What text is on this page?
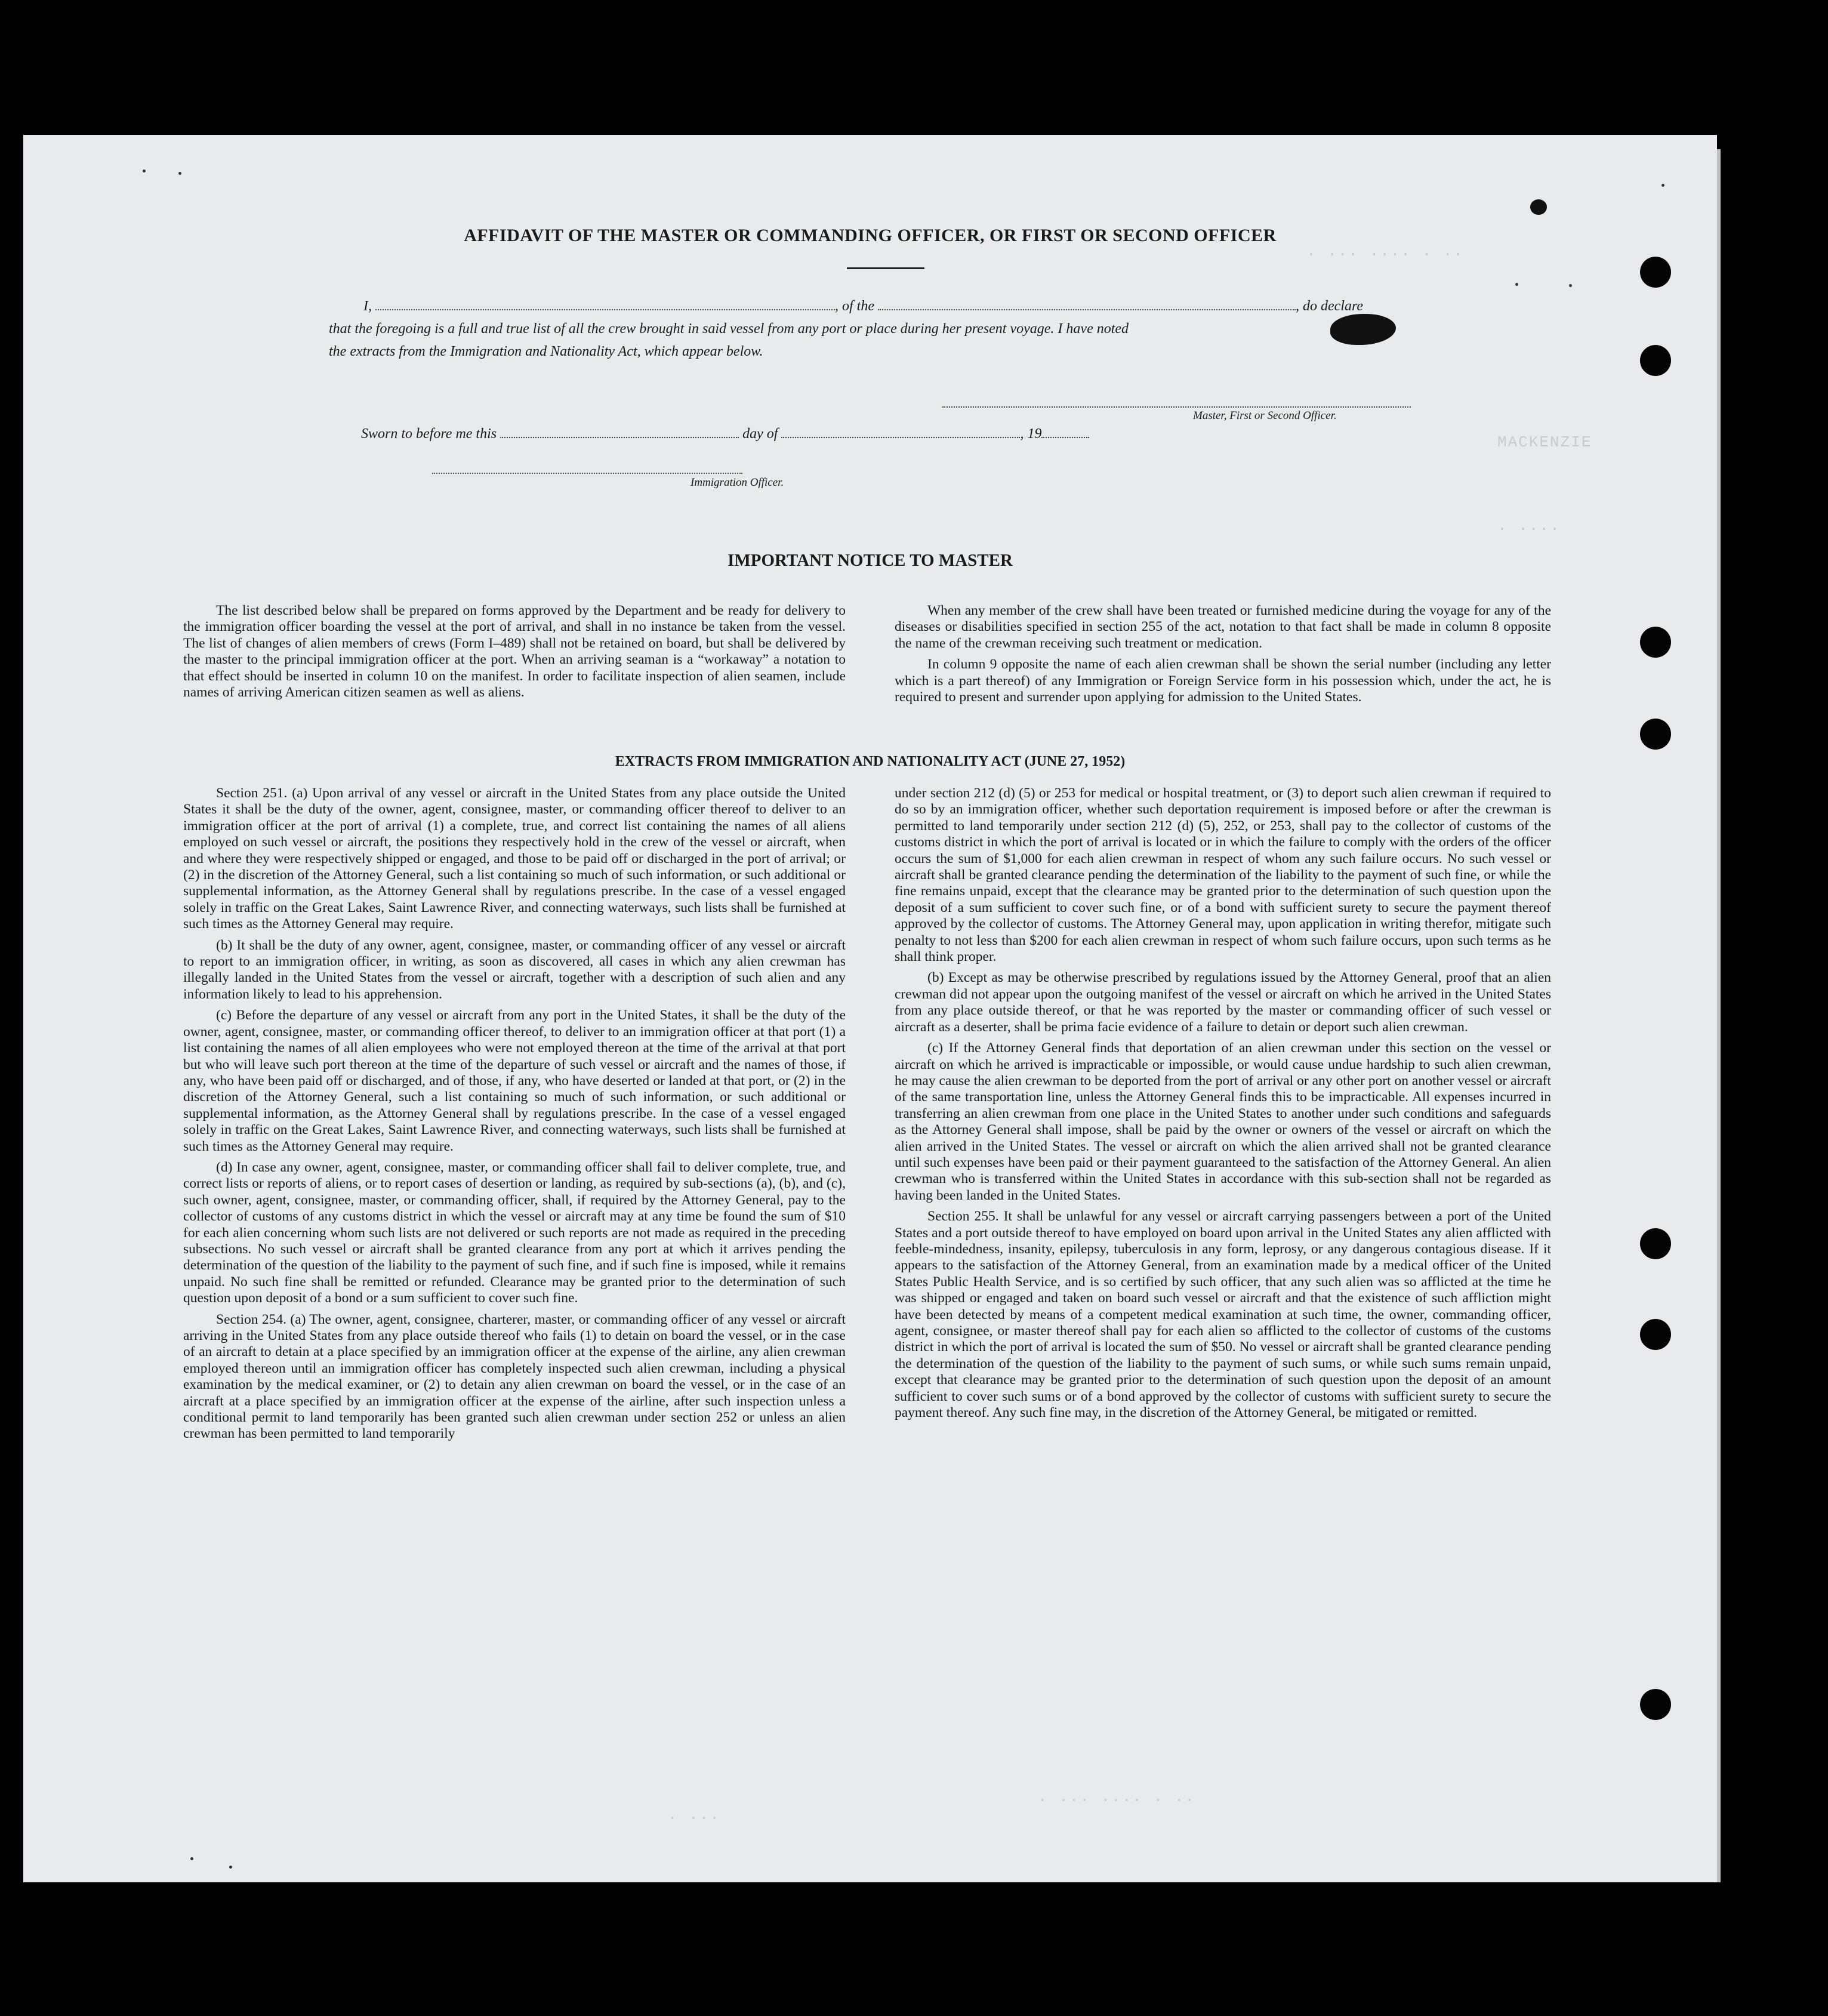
. ... .... . ..
MACKENZIE
. ....
. ...
. ... .... . ..
AFFIDAVIT OF THE MASTER OR COMMANDING OFFICER, OR FIRST OR SECOND OFFICER
I,	, of the	, do declare
that the foregoing is a full and true list of all the crew brought in said vessel from any port or place during her present voyage. I have noted
the extracts from the Immigration and Nationality Act, which appear below.
Master, First or Second Officer.
Sworn to before me this	day of	, 19
Immigration Officer.
IMPORTANT NOTICE TO MASTER

The list described below shall be prepared on forms approved by the Department and be ready for delivery to the immigration officer boarding the vessel at the port of arrival, and shall in no instance be taken from the vessel. The list of changes of alien members of crews (Form I–489) shall not be retained on board, but shall be delivered by the master to the principal immigration officer at the port. When an arriving seaman is a “workaway” a notation to that effect should be inserted in column 10 on the manifest. In order to facilitate inspection of alien seamen, include names of arriving American citizen seamen as well as aliens.

When any member of the crew shall have been treated or furnished medicine during the voyage for any of the diseases or disabilities specified in section 255 of the act, notation to that fact shall be made in column 8 opposite the name of the crewman receiving such treatment or medication.

In column 9 opposite the name of each alien crewman shall be shown the serial number (including any letter which is a part thereof) of any Immigration or Foreign Service form in his possession which, under the act, he is required to present and surrender upon applying for admission to the United States.

EXTRACTS FROM IMMIGRATION AND NATIONALITY ACT (JUNE 27, 1952)

Section 251. (a) Upon arrival of any vessel or aircraft in the United States from any place outside the United States it shall be the duty of the owner, agent, consignee, master, or commanding officer thereof to deliver to an immigration officer at the port of arrival (1) a complete, true, and correct list containing the names of all aliens employed on such vessel or aircraft, the positions they respectively hold in the crew of the vessel or aircraft, when and where they were respectively shipped or engaged, and those to be paid off or discharged in the port of arrival; or (2) in the discretion of the Attorney General, such a list containing so much of such information, or such additional or supplemental information, as the Attorney General shall by regulations prescribe. In the case of a vessel engaged solely in traffic on the Great Lakes, Saint Lawrence River, and connecting waterways, such lists shall be furnished at such times as the Attorney General may require.

(b) It shall be the duty of any owner, agent, consignee, master, or commanding officer of any vessel or aircraft to report to an immigration officer, in writing, as soon as discovered, all cases in which any alien crewman has illegally landed in the United States from the vessel or aircraft, together with a description of such alien and any information likely to lead to his apprehension.

(c) Before the departure of any vessel or aircraft from any port in the United States, it shall be the duty of the owner, agent, consignee, master, or commanding officer thereof, to deliver to an immigration officer at that port (1) a list containing the names of all alien employees who were not employed thereon at the time of the arrival at that port but who will leave such port thereon at the time of the departure of such vessel or aircraft and the names of those, if any, who have been paid off or discharged, and of those, if any, who have deserted or landed at that port, or (2) in the discretion of the Attorney General, such a list containing so much of such information, or such additional or supplemental information, as the Attorney General shall by regulations prescribe. In the case of a vessel engaged solely in traffic on the Great Lakes, Saint Lawrence River, and connecting waterways, such lists shall be furnished at such times as the Attorney General may require.

(d) In case any owner, agent, consignee, master, or commanding officer shall fail to deliver complete, true, and correct lists or reports of aliens, or to report cases of desertion or landing, as required by sub-sections (a), (b), and (c), such owner, agent, consignee, master, or commanding officer, shall, if required by the Attorney General, pay to the collector of customs of any customs district in which the vessel or aircraft may at any time be found the sum of $10 for each alien concerning whom such lists are not delivered or such reports are not made as required in the preceding subsections. No such vessel or aircraft shall be granted clearance from any port at which it arrives pending the determination of the question of the liability to the payment of such fine, and if such fine is imposed, while it remains unpaid. No such fine shall be remitted or refunded. Clearance may be granted prior to the determination of such question upon deposit of a bond or a sum sufficient to cover such fine.

Section 254. (a) The owner, agent, consignee, charterer, master, or commanding officer of any vessel or aircraft arriving in the United States from any place outside thereof who fails (1) to detain on board the vessel, or in the case of an aircraft to detain at a place specified by an immigration officer at the expense of the airline, any alien crewman employed thereon until an immigration officer has completely inspected such alien crewman, including a physical examination by the medical examiner, or (2) to detain any alien crewman on board the vessel, or in the case of an aircraft at a place specified by an immigration officer at the expense of the airline, after such inspection unless a conditional permit to land temporarily has been granted such alien crewman under section 252 or unless an alien crewman has been permitted to land temporarily

under section 212 (d) (5) or 253 for medical or hospital treatment, or (3) to deport such alien crewman if required to do so by an immigration officer, whether such deportation requirement is imposed before or after the crewman is permitted to land temporarily under section 212 (d) (5), 252, or 253, shall pay to the collector of customs of the customs district in which the port of arrival is located or in which the failure to comply with the orders of the officer occurs the sum of $1,000 for each alien crewman in respect of whom any such failure occurs. No such vessel or aircraft shall be granted clearance pending the determination of the liability to the payment of such fine, or while the fine remains unpaid, except that the clearance may be granted prior to the determination of such question upon the deposit of a sum sufficient to cover such fine, or of a bond with sufficient surety to secure the payment thereof approved by the collector of customs. The Attorney General may, upon application in writing therefor, mitigate such penalty to not less than $200 for each alien crewman in respect of whom such failure occurs, upon such terms as he shall think proper.

(b) Except as may be otherwise prescribed by regulations issued by the Attorney General, proof that an alien crewman did not appear upon the outgoing manifest of the vessel or aircraft on which he arrived in the United States from any place outside thereof, or that he was reported by the master or commanding officer of such vessel or aircraft as a deserter, shall be prima facie evidence of a failure to detain or deport such alien crewman.

(c) If the Attorney General finds that deportation of an alien crewman under this section on the vessel or aircraft on which he arrived is impracticable or impossible, or would cause undue hardship to such alien crewman, he may cause the alien crewman to be deported from the port of arrival or any other port on another vessel or aircraft of the same transportation line, unless the Attorney General finds this to be impracticable. All expenses incurred in transferring an alien crewman from one place in the United States to another under such conditions and safeguards as the Attorney General shall impose, shall be paid by the owner or owners of the vessel or aircraft on which the alien arrived in the United States. The vessel or aircraft on which the alien arrived shall not be granted clearance until such expenses have been paid or their payment guaranteed to the satisfaction of the Attorney General. An alien crewman who is transferred within the United States in accordance with this sub-section shall not be regarded as having been landed in the United States.

Section 255. It shall be unlawful for any vessel or aircraft carrying passengers between a port of the United States and a port outside thereof to have employed on board upon arrival in the United States any alien afflicted with feeble-mindedness, insanity, epilepsy, tuberculosis in any form, leprosy, or any dangerous contagious disease. If it appears to the satisfaction of the Attorney General, from an examination made by a medical officer of the United States Public Health Service, and is so certified by such officer, that any such alien was so afflicted at the time he was shipped or engaged and taken on board such vessel or aircraft and that the existence of such affliction might have been detected by means of a competent medical examination at such time, the owner, commanding officer, agent, consignee, or master thereof shall pay for each alien so afflicted to the collector of customs of the customs district in which the port of arrival is located the sum of $50. No vessel or aircraft shall be granted clearance pending the determination of the question of the liability to the payment of such sums, or while such sums remain unpaid, except that clearance may be granted prior to the determination of such question upon the deposit of an amount sufficient to cover such sums or of a bond approved by the collector of customs with sufficient surety to secure the payment thereof. Any such fine may, in the discretion of the Attorney General, be mitigated or remitted.
